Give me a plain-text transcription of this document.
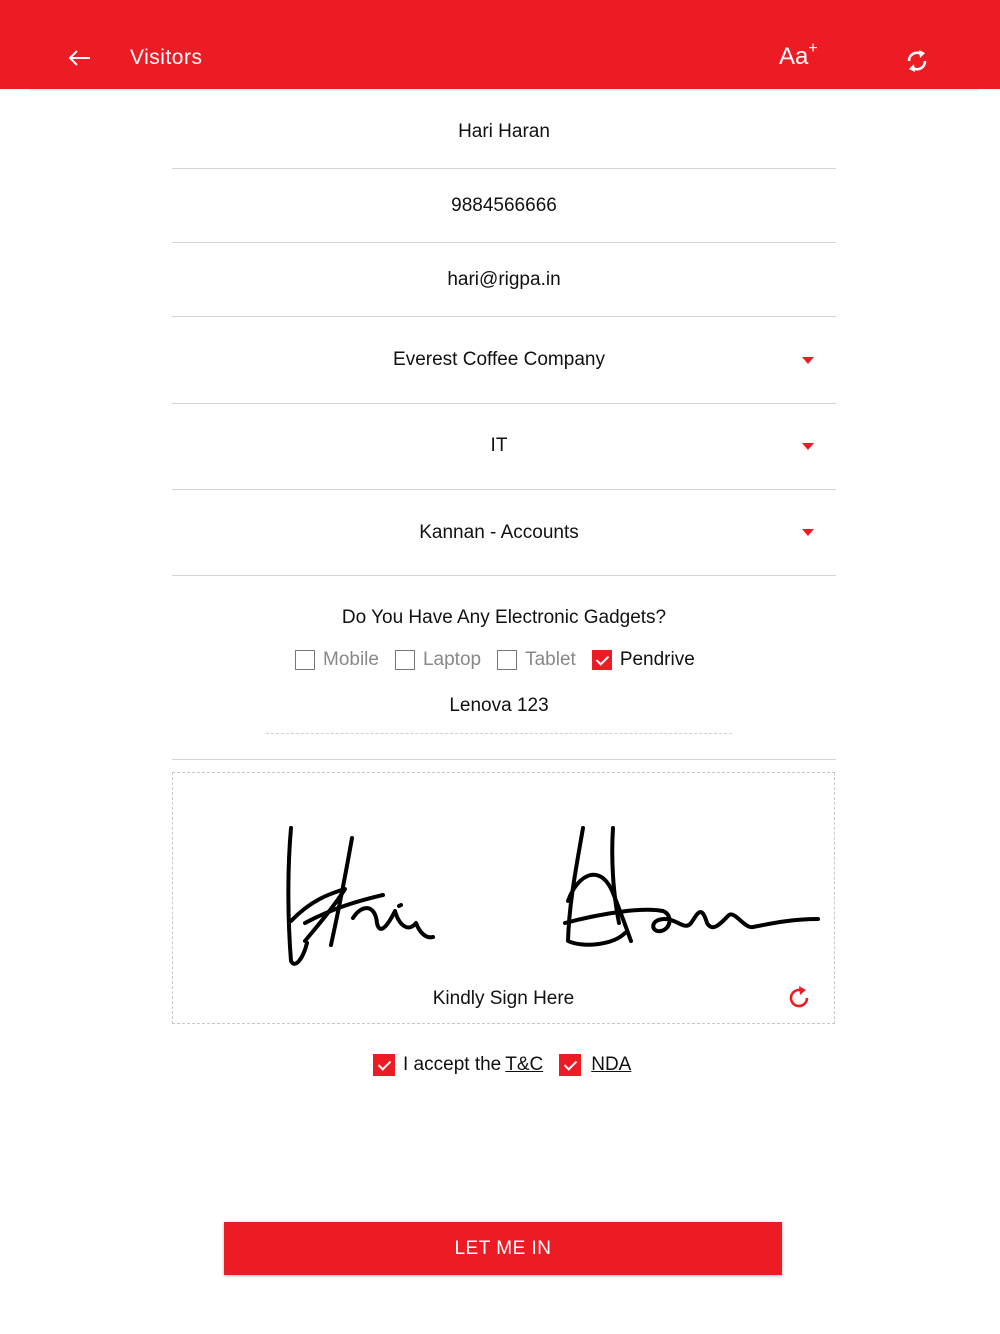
Visitors	Aa+
Hari Haran
9884566666
hari@rigpa.in
Everest Coffee Company
IT
Kannan - Accounts
Do You Have Any Electronic Gadgets?
Mobile Laptop Tablet Pendrive
Lenova 123
Kindly Sign Here
I accept the T&C	NDA
LET ME IN
